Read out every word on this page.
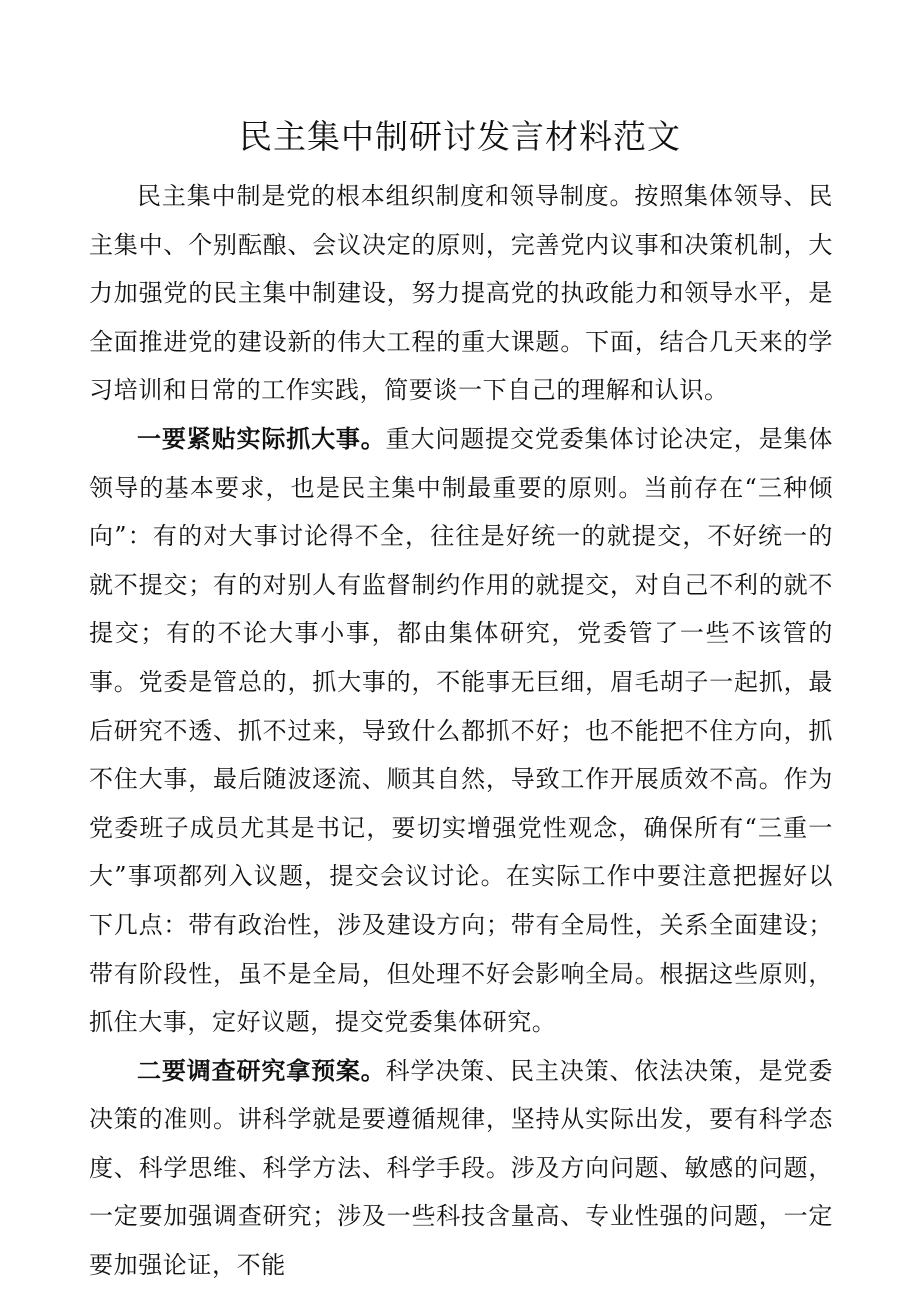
民主集中制研讨发言材料范文

民主集中制是党的根本组织制度和领导制度。按照集体领导、民主集中、个别酝酿、会议决定的原则，完善党内议事和决策机制，大力加强党的民主集中制建设，努力提高党的执政能力和领导水平，是全面推进党的建设新的伟大工程的重大课题。下面，结合几天来的学习培训和日常的工作实践，简要谈一下自己的理解和认识。

一要紧贴实际抓大事。重大问题提交党委集体讨论决定，是集体领导的基本要求，也是民主集中制最重要的原则。当前存在“三种倾向”：有的对大事讨论得不全，往往是好统一的就提交，不好统一的就不提交；有的对别人有监督制约作用的就提交，对自己不利的就不提交；有的不论大事小事，都由集体研究，党委管了一些不该管的事。党委是管总的，抓大事的，不能事无巨细，眉毛胡子一起抓，最后研究不透、抓不过来，导致什么都抓不好；也不能把不住方向，抓不住大事，最后随波逐流、顺其自然，导致工作开展质效不高。作为党委班子成员尤其是书记，要切实增强党性观念，确保所有“三重一大”事项都列入议题，提交会议讨论。在实际工作中要注意把握好以下几点：带有政治性，涉及建设方向；带有全局性，关系全面建设；带有阶段性，虽不是全局，但处理不好会影响全局。根据这些原则，抓住大事，定好议题，提交党委集体研究。

二要调查研究拿预案。科学决策、民主决策、依法决策，是党委决策的准则。讲科学就是要遵循规律，坚持从实际出发，要有科学态度、科学思维、科学方法、科学手段。涉及方向问题、敏感的问题，一定要加强调查研究；涉及一些科技含量高、专业性强的问题，一定要加强论证，不能
